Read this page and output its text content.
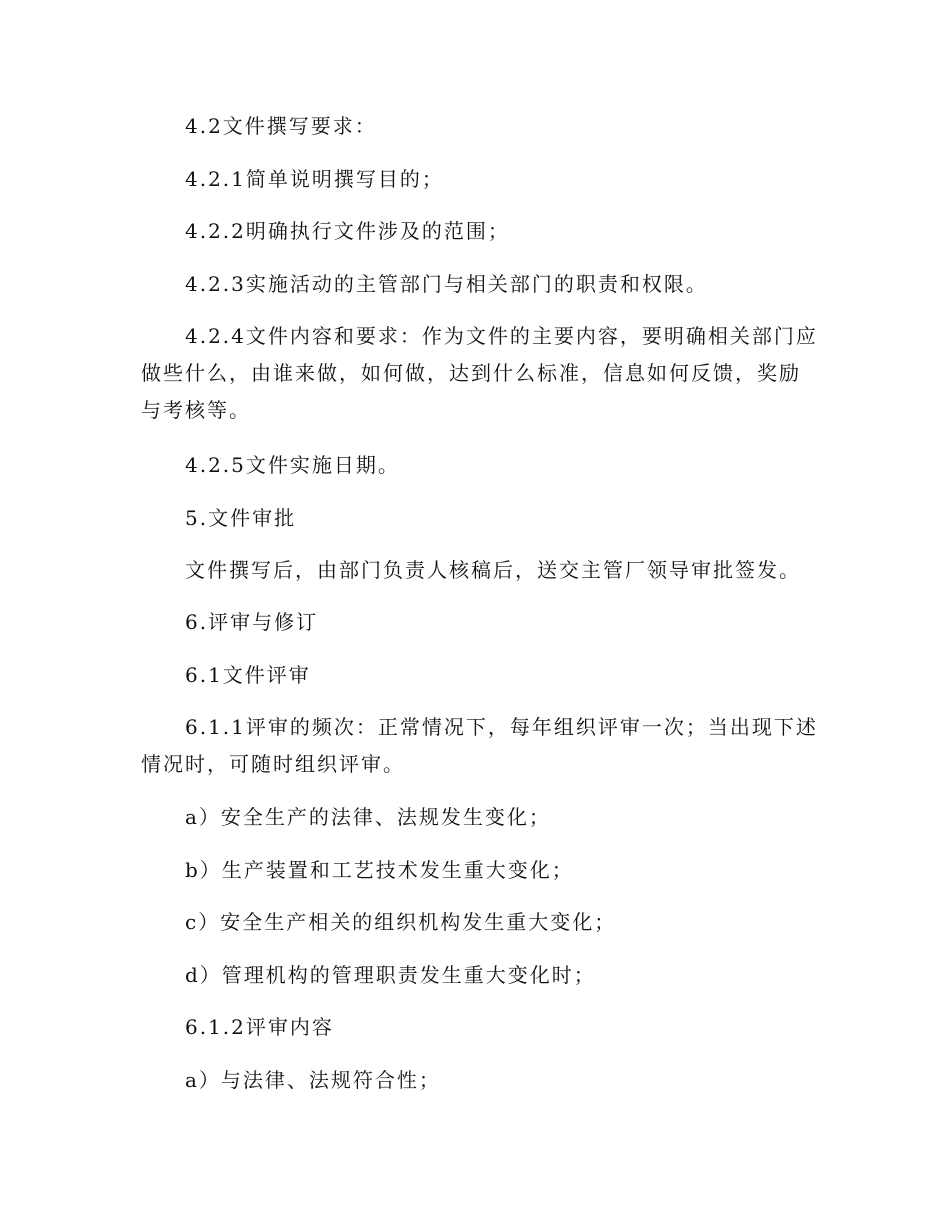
4.2文件撰写要求：

4.2.1简单说明撰写目的；

4.2.2明确执行文件涉及的范围；

4.2.3实施活动的主管部门与相关部门的职责和权限。

4.2.4文件内容和要求：作为文件的主要内容，要明确相关部门应做些什么，由谁来做，如何做，达到什么标准，信息如何反馈，奖励与考核等。

4.2.5文件实施日期。

5.文件审批

文件撰写后，由部门负责人核稿后，送交主管厂领导审批签发。

6.评审与修订

6.1文件评审

6.1.1评审的频次：正常情况下，每年组织评审一次；当出现下述情况时，可随时组织评审。

a）安全生产的法律、法规发生变化；

b）生产装置和工艺技术发生重大变化；

c）安全生产相关的组织机构发生重大变化；

d）管理机构的管理职责发生重大变化时；

6.1.2评审内容

a）与法律、法规符合性；
